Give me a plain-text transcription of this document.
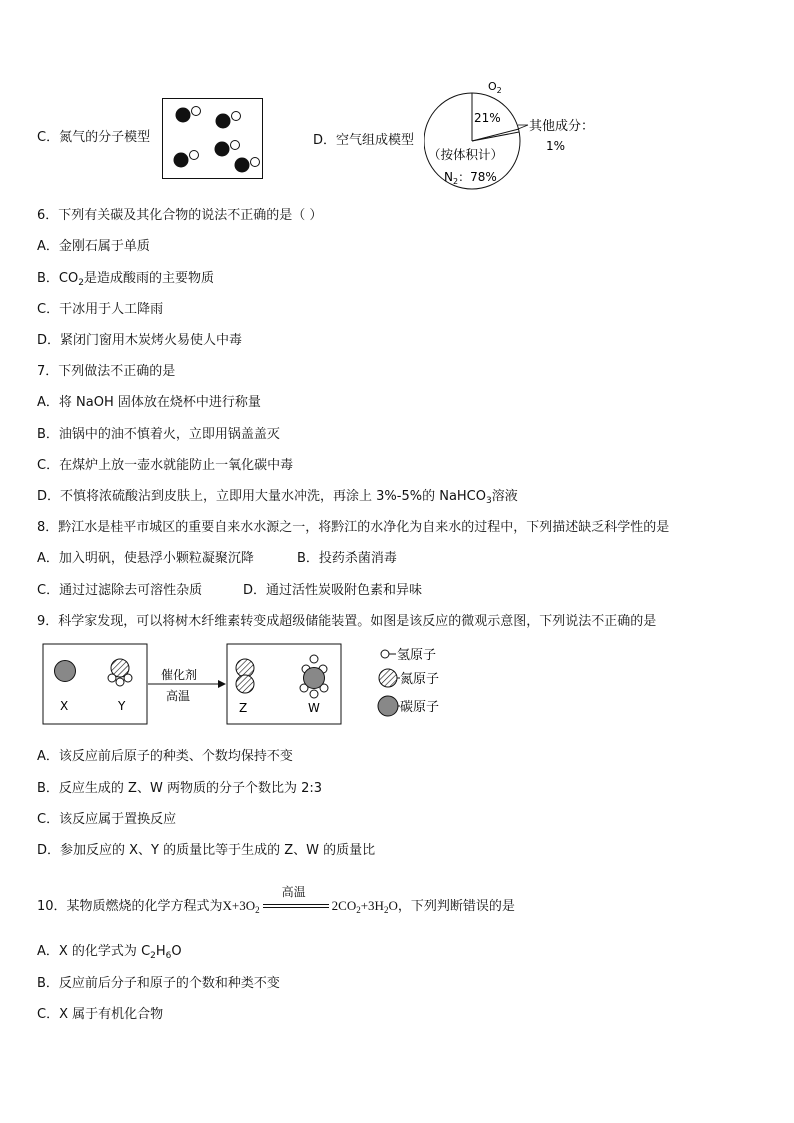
C．氮气的分子模型	D．空气组成模型
$O_2$
21%
其他成分：
1%
（按体积计）
$N_2$：78%
6．下列有关碳及其化合物的说法不正确的是（ ）
A．金刚石属于单质
B．$CO_2$是造成酸雨的主要物质
C．干冰用于人工降雨
D．紧闭门窗用木炭烤火易使人中毒
7．下列做法不正确的是
A．将 NaOH 固体放在烧杯中进行称量
B．油锅中的油不慎着火，立即用锅盖盖灭
C．在煤炉上放一壶水就能防止一氧化碳中毒
D．不慎将浓硫酸沾到皮肤上，立即用大量水冲洗，再涂上 3%-5%的 NaHCO$_3$溶液
8．黔江水是桂平市城区的重要自来水水源之一，将黔江的水净化为自来水的过程中，下列描述缺乏科学性的是
A．加入明矾，使悬浮小颗粒凝聚沉降	B．投药杀菌消毒
C．通过过滤除去可溶性杂质	D．通过活性炭吸附色素和异味
9．科学家发现，可以将树木纤维素转变成超级储能装置。如图是该反应的微观示意图，下列说法不正确的是
X	Y
催化剂
高温
Z	W
氢原子
氮原子
碳原子
A．该反应前后原子的种类、个数均保持不变
B．反应生成的 Z、W 两物质的分子个数比为 2:3
C．该反应属于置换反应
D．参加反应的 X、Y 的质量比等于生成的 Z、W 的质量比
10．某物质燃烧的化学方程式为$X+3O_2$
高温
$2CO_2+3H_2O$，下列判断错误的是
A．X 的化学式为 $C_2H_6O$
B．反应前后分子和原子的个数和种类不变
C．X 属于有机化合物
